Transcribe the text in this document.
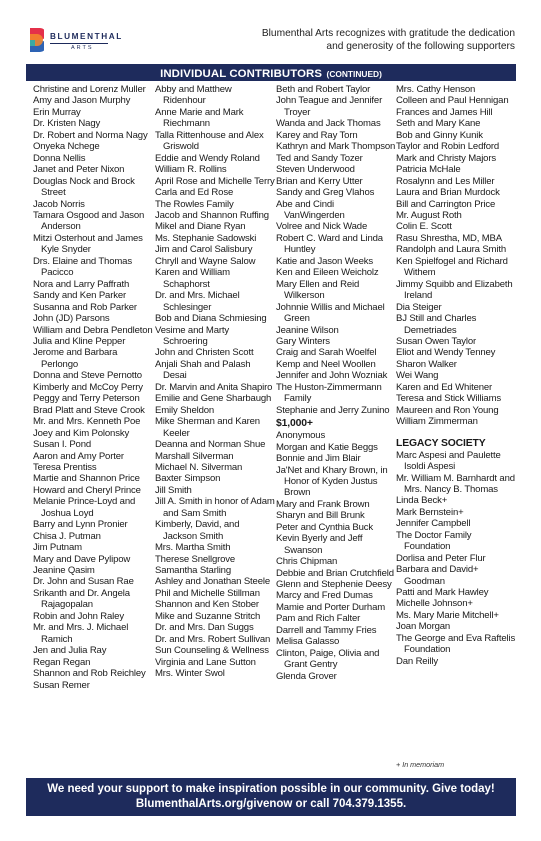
BLUMENTHAL
ARTS
Blumenthal Arts recognizes with gratitude the dedication
and generosity of the following supporters
INDIVIDUAL CONTRIBUTORS (CONTINUED)
Christine and Lorenz Muller
Amy and Jason Murphy
Erin Murray
Dr. Kristen Nagy
Dr. Robert and Norma Nagy
Onyeka Nchege
Donna Nellis
Janet and Peter Nixon
Douglas Nock and Brock Street
Jacob Norris
Tamara Osgood and Jason Anderson
Mitzi Osterhout and James Kyle Snyder
Drs. Elaine and Thomas Pacicco
Nora and Larry Paffrath
Sandy and Ken Parker
Susanna and Rob Parker
John (JD) Parsons
William and Debra Pendleton
Julia and Kline Pepper
Jerome and Barbara Perlongo
Donna and Steve Pernotto
Kimberly and McCoy Perry
Peggy and Terry Peterson
Brad Platt and Steve Crook
Mr. and Mrs. Kenneth Poe
Joey and Kim Polonsky
Susan I. Pond
Aaron and Amy Porter
Teresa Prentiss
Martie and Shannon Price
Howard and Cheryl Prince
Melanie Prince-Loyd and Joshua Loyd
Barry and Lynn Pronier
Chisa J. Putman
Jim Putnam
Mary and Dave Pylipow
Jeanine Qasim
Dr. John and Susan Rae
Srikanth and Dr. Angela Rajagopalan
Robin and John Raley
Mr. and Mrs. J. Michael Ramich
Jen and Julia Ray
Regan Regan
Shannon and Rob Reichley
Susan Remer
Abby and Matthew Ridenhour
Anne Marie and Mark Riechmann
Talla Rittenhouse and Alex Griswold
Eddie and Wendy Roland
William R. Rollins
April Rose and Michelle Terry
Carla and Ed Rose
The Rowles Family
Jacob and Shannon Ruffing
Mikel and Diane Ryan
Ms. Stephanie Sadowski
Jim and Carol Salisbury
Chryll and Wayne Salow
Karen and William Schaphorst
Dr. and Mrs. Michael Schlesinger
Bob and Diana Schmiesing
Vesime and Marty Schroering
John and Christen Scott
Anjali Shah and Palash Desai
Dr. Marvin and Anita Shapiro
Emilie and Gene Sharbaugh
Emily Sheldon
Mike Sherman and Karen Keeler
Deanna and Norman Shue
Marshall Silverman
Michael N. Silverman
Baxter Simpson
Jill Smith
Jill A. Smith in honor of Adam and Sam Smith
Kimberly, David, and Jackson Smith
Mrs. Martha Smith
Therese Snellgrove
Samantha Starling
Ashley and Jonathan Steele
Phil and Michelle Stillman
Shannon and Ken Stober
Mike and Suzanne Stritch
Dr. and Mrs. Dan Suggs
Dr. and Mrs. Robert Sullivan
Sun Counseling & Wellness
Virginia and Lane Sutton
Mrs. Winter Swol
Beth and Robert Taylor
John Teague and Jennifer Troyer
Wanda and Jack Thomas
Karey and Ray Torn
Kathryn and Mark Thompson
Ted and Sandy Tozer
Steven Underwood
Brian and Kerry Utter
Sandy and Greg Vlahos
Abe and Cindi VanWingerden
Volree and Nick Wade
Robert C. Ward and Linda Huntley
Katie and Jason Weeks
Ken and Eileen Weicholz
Mary Ellen and Reid Wilkerson
Johnnie Willis and Michael Green
Jeanine Wilson
Gary Winters
Craig and Sarah Woelfel
Kemp and Neel Woollen
Jennifer and John Wozniak
The Huston-Zimmermann Family
Stephanie and Jerry Zunino
$1,000+
Anonymous
Morgan and Katie Beggs
Bonnie and Jim Blair
Ja'Net and Khary Brown, in Honor of Kyden Justus Brown
Mary and Frank Brown
Sharyn and Bill Brunk
Peter and Cynthia Buck
Kevin Byerly and Jeff Swanson
Chris Chipman
Debbie and Brian Crutchfield
Glenn and Stephenie Deesy
Marcy and Fred Dumas
Mamie and Porter Durham
Pam and Rich Falter
Darrell and Tammy Fries
Melisa Galasso
Clinton, Paige, Olivia and Grant Gentry
Glenda Grover
Mrs. Cathy Henson
Colleen and Paul Hennigan
Frances and James Hill
Seth and Mary Kane
Bob and Ginny Kunik
Taylor and Robin Ledford
Mark and Christy Majors
Patricia McHale
Rosalynn and Les Miller
Laura and Brian Murdock
Bill and Carrington Price
Mr. August Roth
Colin E. Scott
Rasu Shrestha, MD, MBA
Randolph and Laura Smith
Ken Spielfogel and Richard Withem
Jimmy Squibb and Elizabeth Ireland
Dia Steiger
BJ Still and Charles Demetriades
Susan Owen Taylor
Eliot and Wendy Tenney
Sharon Walker
Wei Wang
Karen and Ed Whitener
Teresa and Stick Williams
Maureen and Ron Young
William Zimmerman
LEGACY SOCIETY
Marc Aspesi and Paulette Isoldi Aspesi
Mr. William M. Barnhardt and Mrs. Nancy B. Thomas
Linda Beck+
Mark Bernstein+
Jennifer Campbell
The Doctor Family Foundation
Dorlisa and Peter Flur
Barbara and David+ Goodman
Patti and Mark Hawley
Michelle Johnson+
Ms. Mary Marie Mitchell+
Joan Morgan
The George and Eva Raftelis Foundation
Dan Reilly
+ In memoriam
We need your support to make inspiration possible in our community. Give today!
BlumenthalArts.org/givenow or call 704.379.1355.
